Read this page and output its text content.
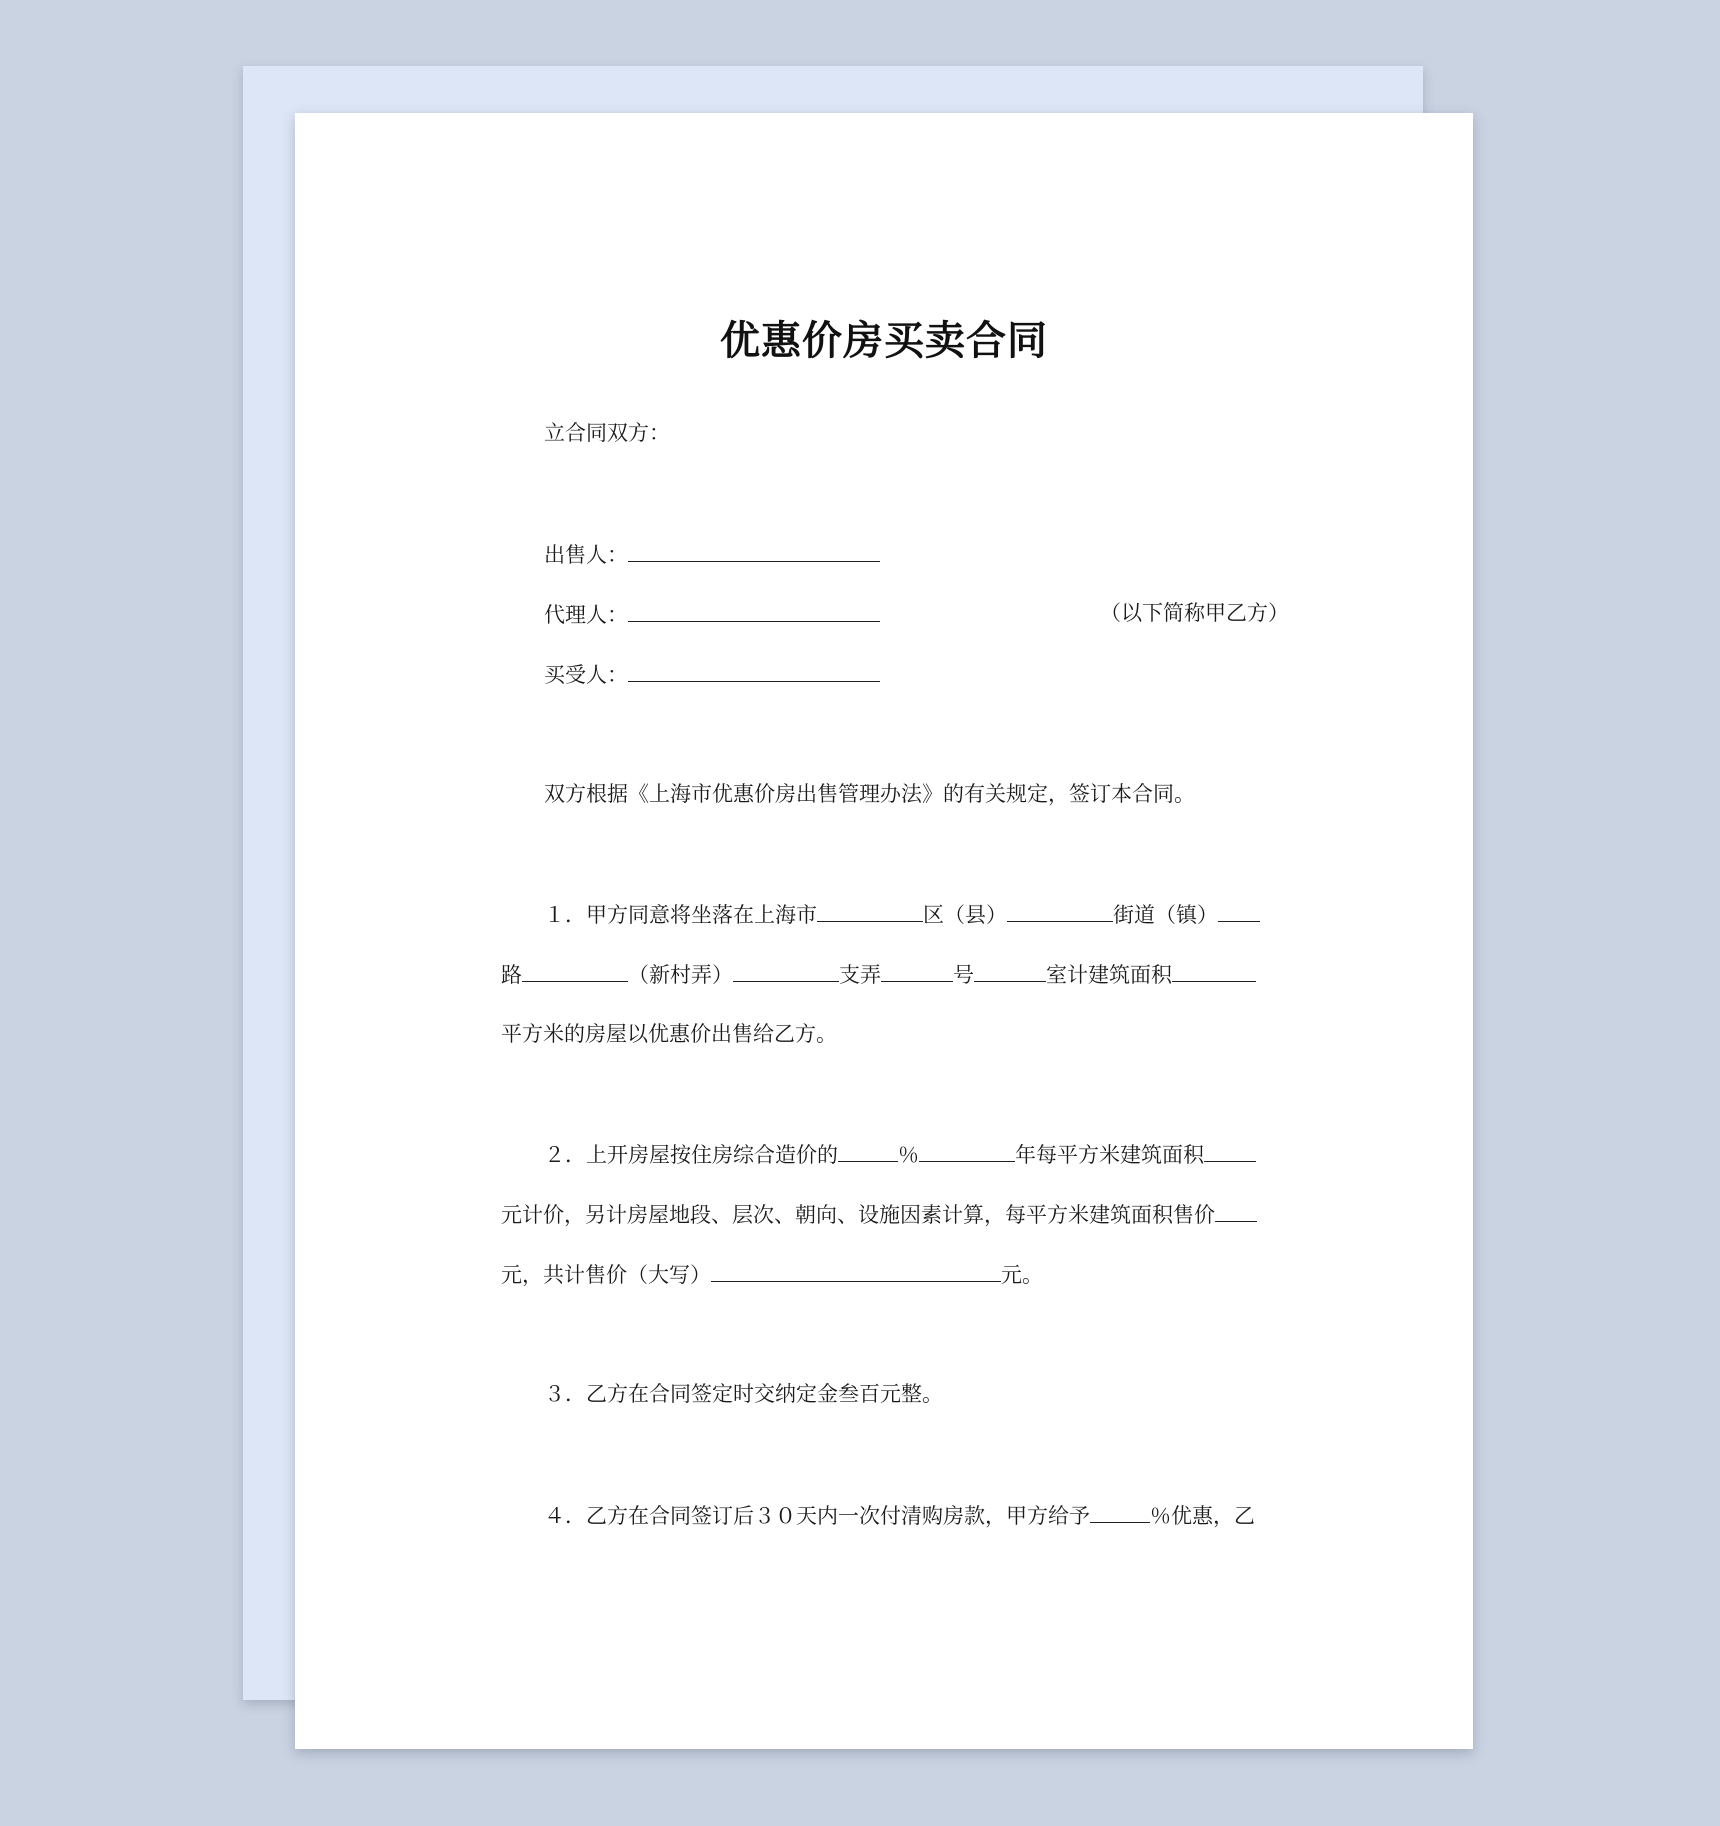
优惠价房买卖合同
立合同双方：
出售人：
代理人：	（以下简称甲乙方）
买受人：
双方根据《上海市优惠价房出售管理办法》的有关规定，签订本合同。
１．甲方同意将坐落在上海市	区（县）	街道（镇）
路	（新村弄）	支弄	号	室计建筑面积
平方米的房屋以优惠价出售给乙方。
２．上开房屋按住房综合造价的	％	年每平方米建筑面积
元计价，另计房屋地段、层次、朝向、设施因素计算，每平方米建筑面积售价
元，共计售价（大写）	元。
３．乙方在合同签定时交纳定金叁百元整。
４．乙方在合同签订后３０天内一次付清购房款，甲方给予	％优惠，乙
